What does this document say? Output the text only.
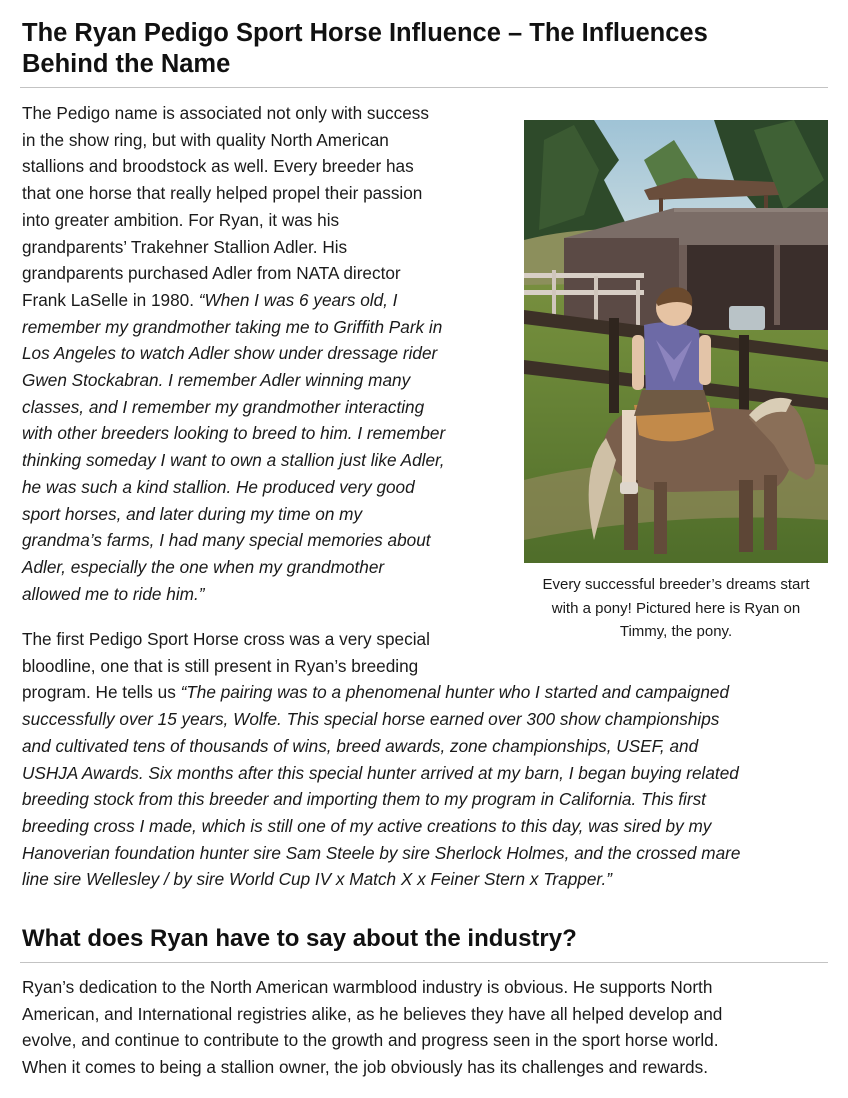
The Ryan Pedigo Sport Horse Influence – The Influences Behind the Name
The Pedigo name is associated not only with success
in the show ring, but with quality North American
stallions and broodstock as well. Every breeder has
that one horse that really helped propel their passion
into greater ambition. For Ryan, it was his
grandparents’ Trakehner Stallion Adler. His
grandparents purchased Adler from NATA director
Frank LaSelle in 1980. “When I was 6 years old, I
remember my grandmother taking me to Griffith Park in
Los Angeles to watch Adler show under dressage rider
Gwen Stockabran. I remember Adler winning many
classes, and I remember my grandmother interacting
with other breeders looking to breed to him. I remember
thinking someday I want to own a stallion just like Adler,
he was such a kind stallion. He produced very good
sport horses, and later during my time on my
grandma’s farms, I had many special memories about
Adler, especially the one when my grandmother
allowed me to ride him.”	Every successful breeder’s dreams start
with a pony! Pictured here is Ryan on
Timmy, the pony.
The first Pedigo Sport Horse cross was a very special
bloodline, one that is still present in Ryan’s breeding
program. He tells us “The pairing was to a phenomenal hunter who I started and campaigned
successfully over 15 years, Wolfe. This special horse earned over 300 show championships
and cultivated tens of thousands of wins, breed awards, zone championships, USEF, and
USHJA Awards. Six months after this special hunter arrived at my barn, I began buying related
breeding stock from this breeder and importing them to my program in California. This first
breeding cross I made, which is still one of my active creations to this day, was sired by my
Hanoverian foundation hunter sire Sam Steele by sire Sherlock Holmes, and the crossed mare
line sire Wellesley / by sire World Cup IV x Match X x Feiner Stern x Trapper.”
What does Ryan have to say about the industry?
Ryan’s dedication to the North American warmblood industry is obvious. He supports North
American, and International registries alike, as he believes they have all helped develop and
evolve, and continue to contribute to the growth and progress seen in the sport horse world.
When it comes to being a stallion owner, the job obviously has its challenges and rewards.
